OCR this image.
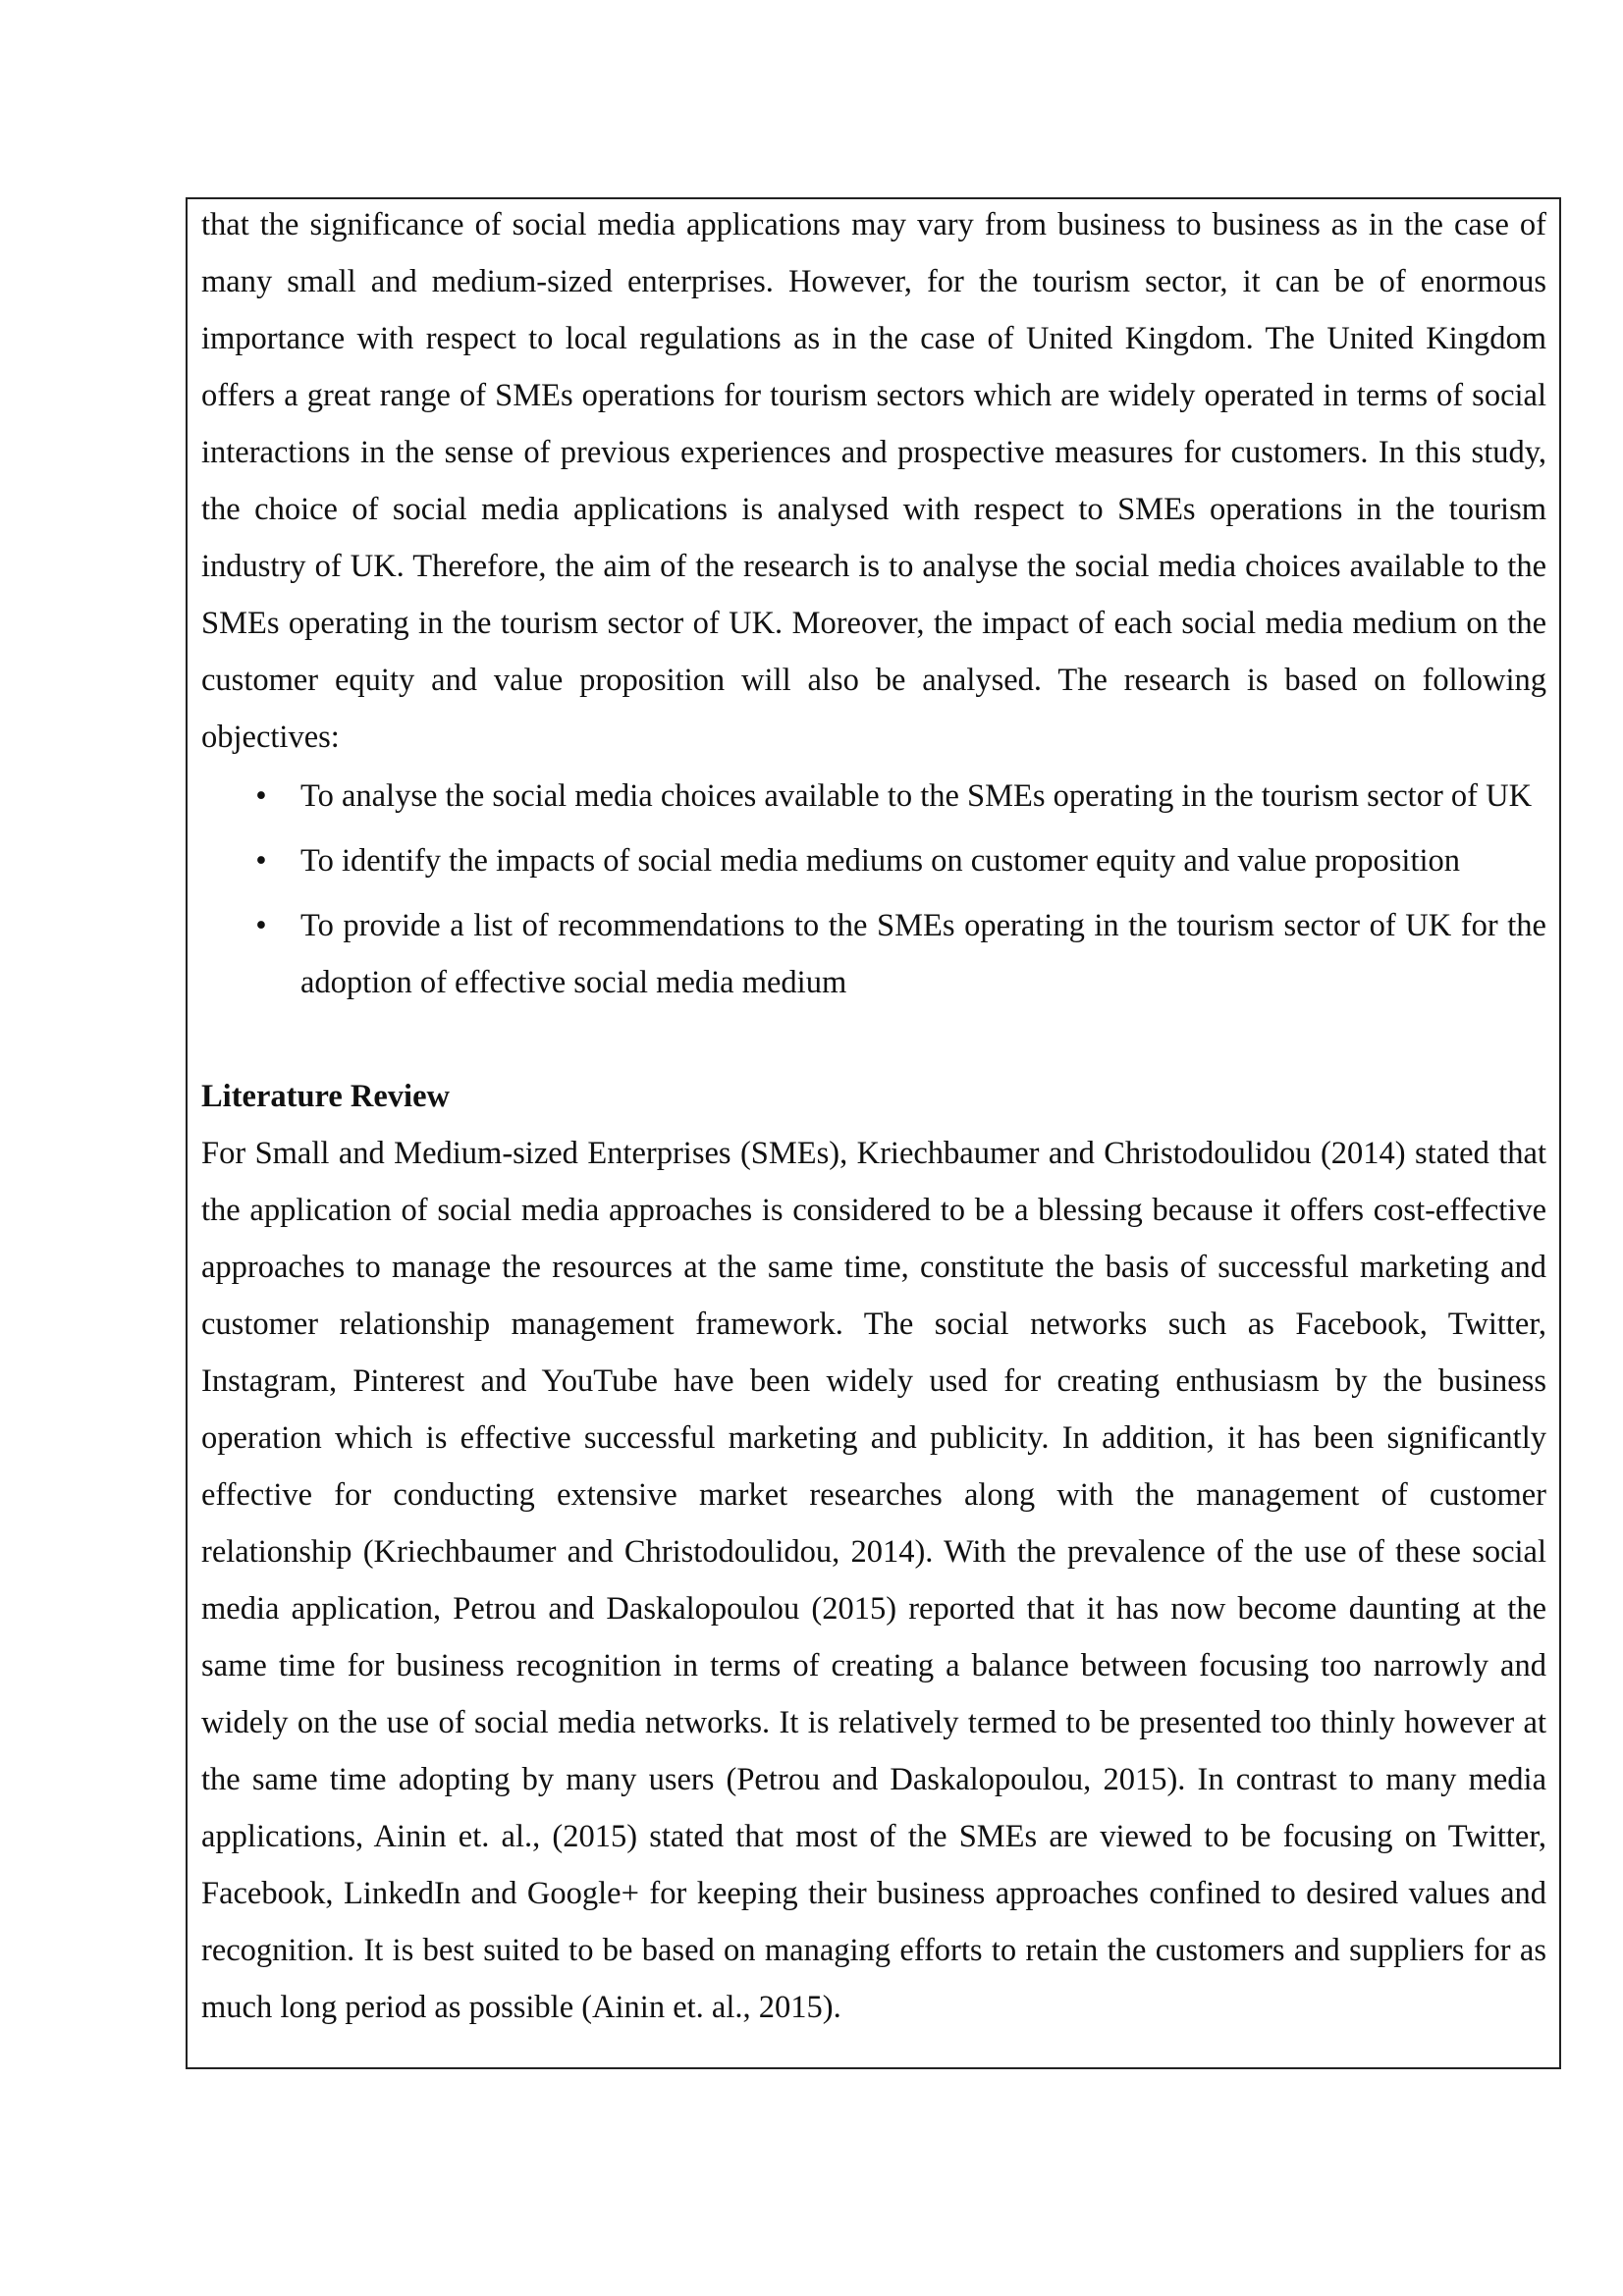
that the significance of social media applications may vary from business to business as in the case of many small and medium-sized enterprises. However, for the tourism sector, it can be of enormous importance with respect to local regulations as in the case of United Kingdom. The United Kingdom offers a great range of SMEs operations for tourism sectors which are widely operated in terms of social interactions in the sense of previous experiences and prospective measures for customers. In this study, the choice of social media applications is analysed with respect to SMEs operations in the tourism industry of UK. Therefore, the aim of the research is to analyse the social media choices available to the SMEs operating in the tourism sector of UK. Moreover, the impact of each social media medium on the customer equity and value proposition will also be analysed. The research is based on following objectives:

• To analyse the social media choices available to the SMEs operating in the tourism sector of UK
• To identify the impacts of social media mediums on customer equity and value proposition
• To provide a list of recommendations to the SMEs operating in the tourism sector of UK for the adoption of effective social media medium
Literature Review

For Small and Medium-sized Enterprises (SMEs), Kriechbaumer and Christodoulidou (2014) stated that the application of social media approaches is considered to be a blessing because it offers cost-effective approaches to manage the resources at the same time, constitute the basis of successful marketing and customer relationship management framework. The social networks such as Facebook, Twitter, Instagram, Pinterest and YouTube have been widely used for creating enthusiasm by the business operation which is effective successful marketing and publicity. In addition, it has been significantly effective for conducting extensive market researches along with the management of customer relationship (Kriechbaumer and Christodoulidou, 2014). With the prevalence of the use of these social media application, Petrou and Daskalopoulou (2015) reported that it has now become daunting at the same time for business recognition in terms of creating a balance between focusing too narrowly and widely on the use of social media networks. It is relatively termed to be presented too thinly however at the same time adopting by many users (Petrou and Daskalopoulou, 2015). In contrast to many media applications, Ainin et. al., (2015) stated that most of the SMEs are viewed to be focusing on Twitter, Facebook, LinkedIn and Google+ for keeping their business approaches confined to desired values and recognition. It is best suited to be based on managing efforts to retain the customers and suppliers for as much long period as possible (Ainin et. al., 2015).
